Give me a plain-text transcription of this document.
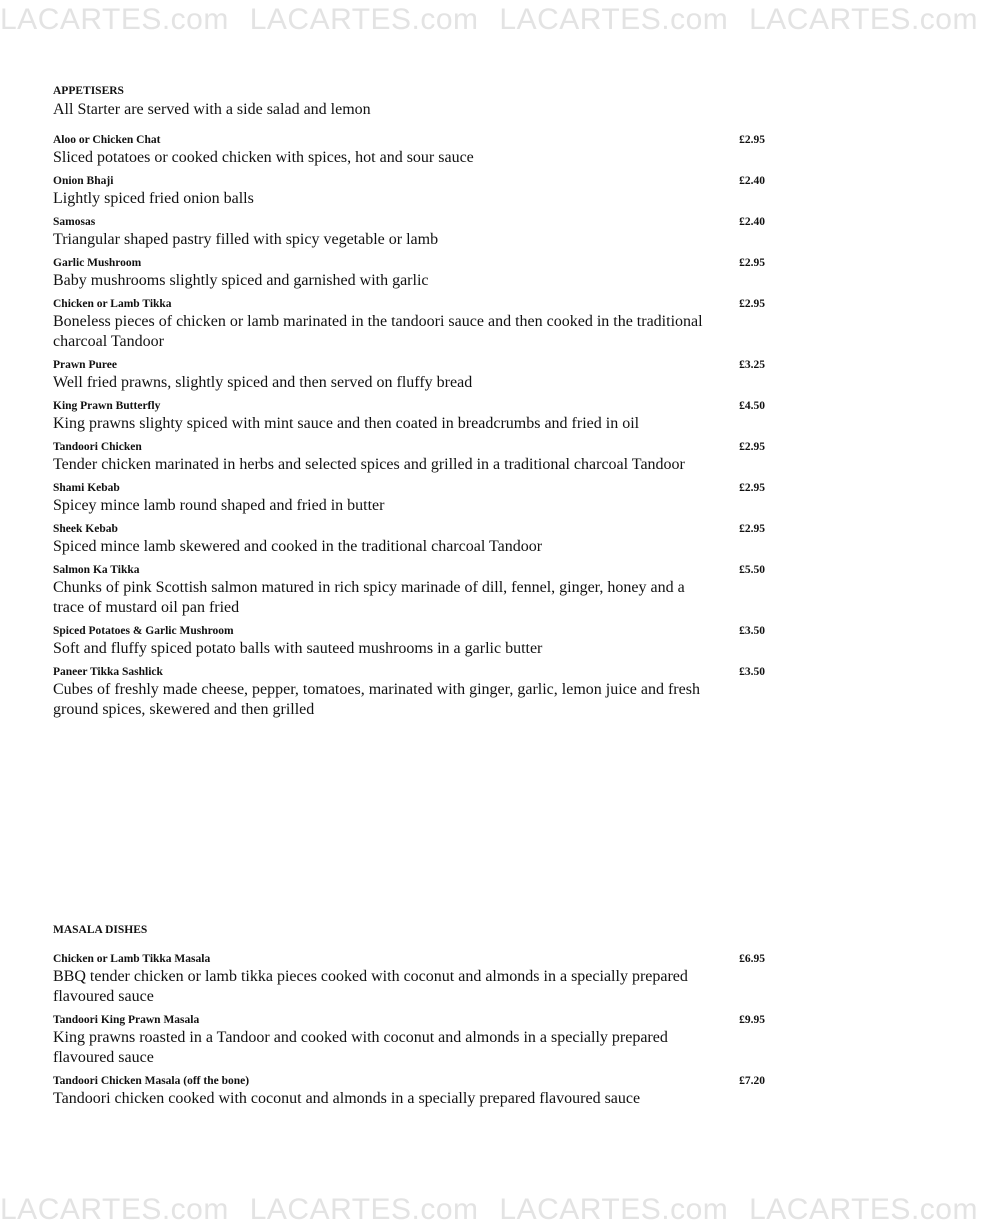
LACARTES.com LACARTES.com LACARTES.com LACARTES.com
APPETISERS
All Starter are served with a side salad and lemon
Aloo or Chicken Chat	£2.95
Sliced potatoes or cooked chicken with spices, hot and sour sauce
Onion Bhaji	£2.40
Lightly spiced fried onion balls
Samosas	£2.40
Triangular shaped pastry filled with spicy vegetable or lamb
Garlic Mushroom	£2.95
Baby mushrooms slightly spiced and garnished with garlic
Chicken or Lamb Tikka	£2.95
Boneless pieces of chicken or lamb marinated in the tandoori sauce and then cooked in the traditional charcoal Tandoor
Prawn Puree	£3.25
Well fried prawns, slightly spiced and then served on fluffy bread
King Prawn Butterfly	£4.50
King prawns slighty spiced with mint sauce and then coated in breadcrumbs and fried in oil
Tandoori Chicken	£2.95
Tender chicken marinated in herbs and selected spices and grilled in a traditional charcoal Tandoor
Shami Kebab	£2.95
Spicey mince lamb round shaped and fried in butter
Sheek Kebab	£2.95
Spiced mince lamb skewered and cooked in the traditional charcoal Tandoor
Salmon Ka Tikka	£5.50
Chunks of pink Scottish salmon matured in rich spicy marinade of dill, fennel, ginger, honey and a trace of mustard oil pan fried
Spiced Potatoes & Garlic Mushroom	£3.50
Soft and fluffy spiced potato balls with sauteed mushrooms in a garlic butter
Paneer Tikka Sashlick	£3.50
Cubes of freshly made cheese, pepper, tomatoes, marinated with ginger, garlic, lemon juice and fresh ground spices, skewered and then grilled
MASALA DISHES
Chicken or Lamb Tikka Masala	£6.95
BBQ tender chicken or lamb tikka pieces cooked with coconut and almonds in a specially prepared flavoured sauce
Tandoori King Prawn Masala	£9.95
King prawns roasted in a Tandoor and cooked with coconut and almonds in a specially prepared flavoured sauce
Tandoori Chicken Masala (off the bone)	£7.20
Tandoori chicken cooked with coconut and almonds in a specially prepared flavoured sauce
LACARTES.com LACARTES.com LACARTES.com LACARTES.com
